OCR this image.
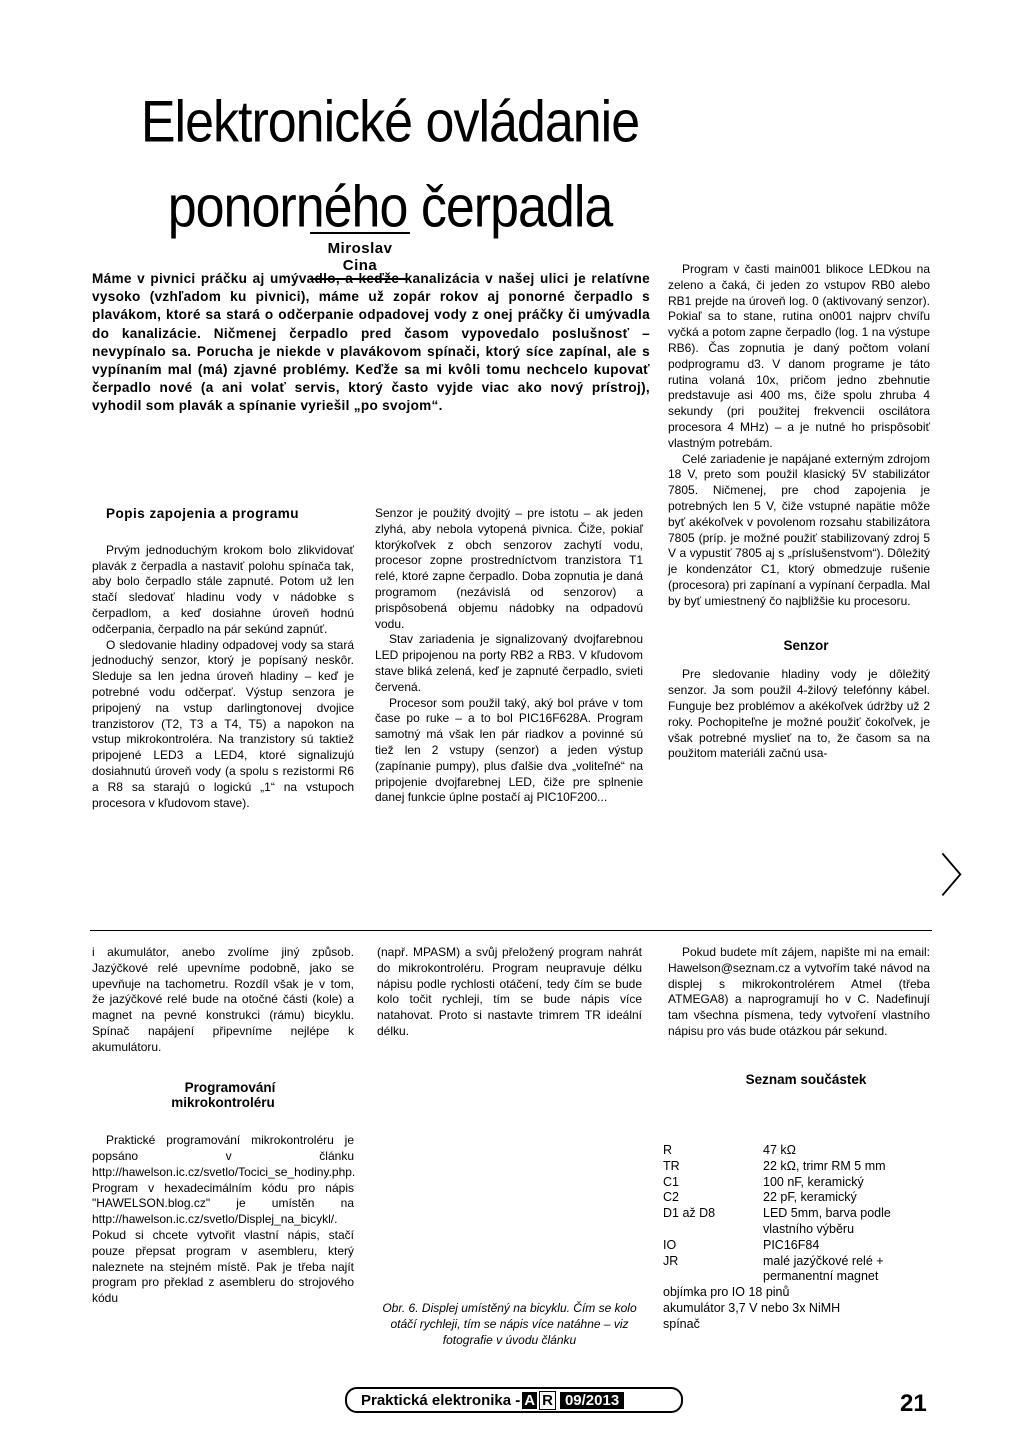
Elektronické ovládanie ponorného čerpadla
Miroslav Cina
Máme v pivnici práčku aj umývadlo, a keďže kanalizácia v našej ulici je relatívne vysoko (vzhľadom ku pivnici), máme už zopár rokov aj ponorné čerpadlo s plavákom, ktoré sa stará o odčerpanie odpadovej vody z onej práčky či umývadla do kanalizácie. Ničmenej čerpadlo pred časom vypovedalo poslušnosť – nevypínalo sa. Porucha je niekde v plavákovom spínači, ktorý síce zapínal, ale s vypínaním mal (má) zjavné problémy. Keďže sa mi kvôli tomu nechcelo kupovať čerpadlo nové (a ani volať servis, ktorý často vyjde viac ako nový prístroj), vyhodil som plavák a spínanie vyriešil „po svojom“.

Popis zapojenia a programu

Prvým jednoduchým krokom bolo zlikvidovať plavák z čerpadla a nastaviť polohu spínača tak, aby bolo čerpadlo stále zapnuté. Potom už len stačí sledovať hladinu vody v nádobke s čerpadlom, a keď dosiahne úroveň hodnú odčerpania, čerpadlo na pár sekúnd zapnúť.

O sledovanie hladiny odpadovej vody sa stará jednoduchý senzor, ktorý je popísaný neskôr. Sleduje sa len jedna úroveň hladiny – keď je potrebné vodu odčerpať. Výstup senzora je pripojený na vstup darlingtonovej dvojice tranzistorov (T2, T3 a T4, T5) a napokon na vstup mikrokontroléra. Na tranzistory sú taktiež pripojené LED3 a LED4, ktoré signalizujú dosiahnutú úroveň vody (a spolu s rezistormi R6 a R8 sa starajú o logickú „1“ na vstupoch procesora v kľudovom stave).

Senzor je použitý dvojitý – pre istotu – ak jeden zlyhá, aby nebola vytopená pivnica. Čiže, pokiaľ ktorýkoľvek z obch senzorov zachytí vodu, procesor zopne prostredníctvom tranzistora T1 relé, ktoré zapne čerpadlo. Doba zopnutia je daná programom (nezávislá od senzorov) a prispôsobená objemu nádobky na odpadovú vodu.

Stav zariadenia je signalizovaný dvojfarebnou LED pripojenou na porty RB2 a RB3. V kľudovom stave bliká zelená, keď je zapnuté čerpadlo, svieti červená.

Procesor som použil taký, aký bol práve v tom čase po ruke – a to bol PIC16F628A. Program samotný má však len pár riadkov a povinné sú tiež len 2 vstupy (senzor) a jeden výstup (zapínanie pumpy), plus ďalšie dva „voliteľné“ na pripojenie dvojfarebnej LED, čiže pre splnenie danej funkcie úplne postačí aj PIC10F200...

Program v časti main001 blikoce LEDkou na zeleno a čaká, či jeden zo vstupov RB0 alebo RB1 prejde na úroveň log. 0 (aktivovaný senzor). Pokiaľ sa to stane, rutina on001 najprv chvíľu vyčká a potom zapne čerpadlo (log. 1 na výstupe RB6). Čas zopnutia je daný počtom volaní podprogramu d3. V danom programe je táto rutina volaná 10x, pričom jedno zbehnutie predstavuje asi 400 ms, čiže spolu zhruba 4 sekundy (pri použitej frekvencii oscilátora procesora 4 MHz) – a je nutné ho prispôsobiť vlastným potrebám.

Celé zariadenie je napájané externým zdrojom 18 V, preto som použil klasický 5V stabilizátor 7805. Ničmenej, pre chod zapojenia je potrebných len 5 V, čiže vstupné napätie môže byť akékoľvek v povolenom rozsahu stabilizátora 7805 (príp. je možné použiť stabilizovaný zdroj 5 V a vypustiť 7805 aj s „príslušenstvom“). Dôležitý je kondenzátor C1, ktorý obmedzuje rušenie (procesora) pri zapínaní a vypínaní čerpadla. Mal by byť umiestnený čo najbližšie ku procesoru.

Senzor

Pre sledovanie hladiny vody je dôležitý senzor. Ja som použil 4-žilový telefónny kábel. Funguje bez problémov a akékoľvek údržby už 2 roky. Pochopiteľne je možné použiť čokoľvek, je však potrebné myslieť na to, že časom sa na použitom materiáli začnú usa-

〉

i akumulátor, anebo zvolíme jiný způsob. Jazýčkové relé upevníme podobně, jako se upevňuje na tachometru. Rozdíl však je v tom, že jazýčkové relé bude na otočné části (kole) a magnet na pevné konstrukci (rámu) bicyklu. Spínač napájení připevníme nejlépe k akumulátoru.

Programování mikrokontroléru

Praktické programování mikrokontroléru je popsáno v článku http://hawelson.ic.cz/svetlo/Tocici_se_hodiny.php. Program v hexadecimálním kódu pro nápis "HAWELSON.blog.cz" je umístěn na http://hawelson.ic.cz/svetlo/Displej_na_bicykl/. Pokud si chcete vytvořit vlastní nápis, stačí pouze přepsat program v asembleru, který naleznete na stejném místě. Pak je třeba najít program pro překlad z asembleru do strojového kódu

(např. MPASM) a svůj přeložený program nahrát do mikrokontroléru. Program neupravuje délku nápisu podle rychlosti otáčení, tedy čím se bude kolo točit rychleji, tím se bude nápis více natahovat. Proto si nastavte trimrem TR ideální délku.

Obr. 6. Displej umístěný na bicyklu. Čím se kolo otáčí rychleji, tím se nápis více natáhne – viz fotografie v úvodu článku

Pokud budete mít zájem, napište mi na email: Hawelson@seznam.cz a vytvořím také návod na displej s mikrokontrolérem Atmel (třeba ATMEGA8) a naprogramují ho v C. Nadefinují tam všechna písmena, tedy vytvoření vlastního nápisu pro vás bude otázkou pár sekund.

Seznam součástek

R	47 kΩ
TR	22 kΩ, trimr RM 5 mm
C1	100 nF, keramický
C2	22 pF, keramický
D1 až D8	LED 5mm, barva podle vlastního výběru
IO	PIC16F84
JR	malé jazýčkové relé + permanentní magnet
objímka pro IO 18 pinů
akumulátor 3,7 V nebo 3x NiMH
spínač
Praktická elektronika - A R 09/2013	21
